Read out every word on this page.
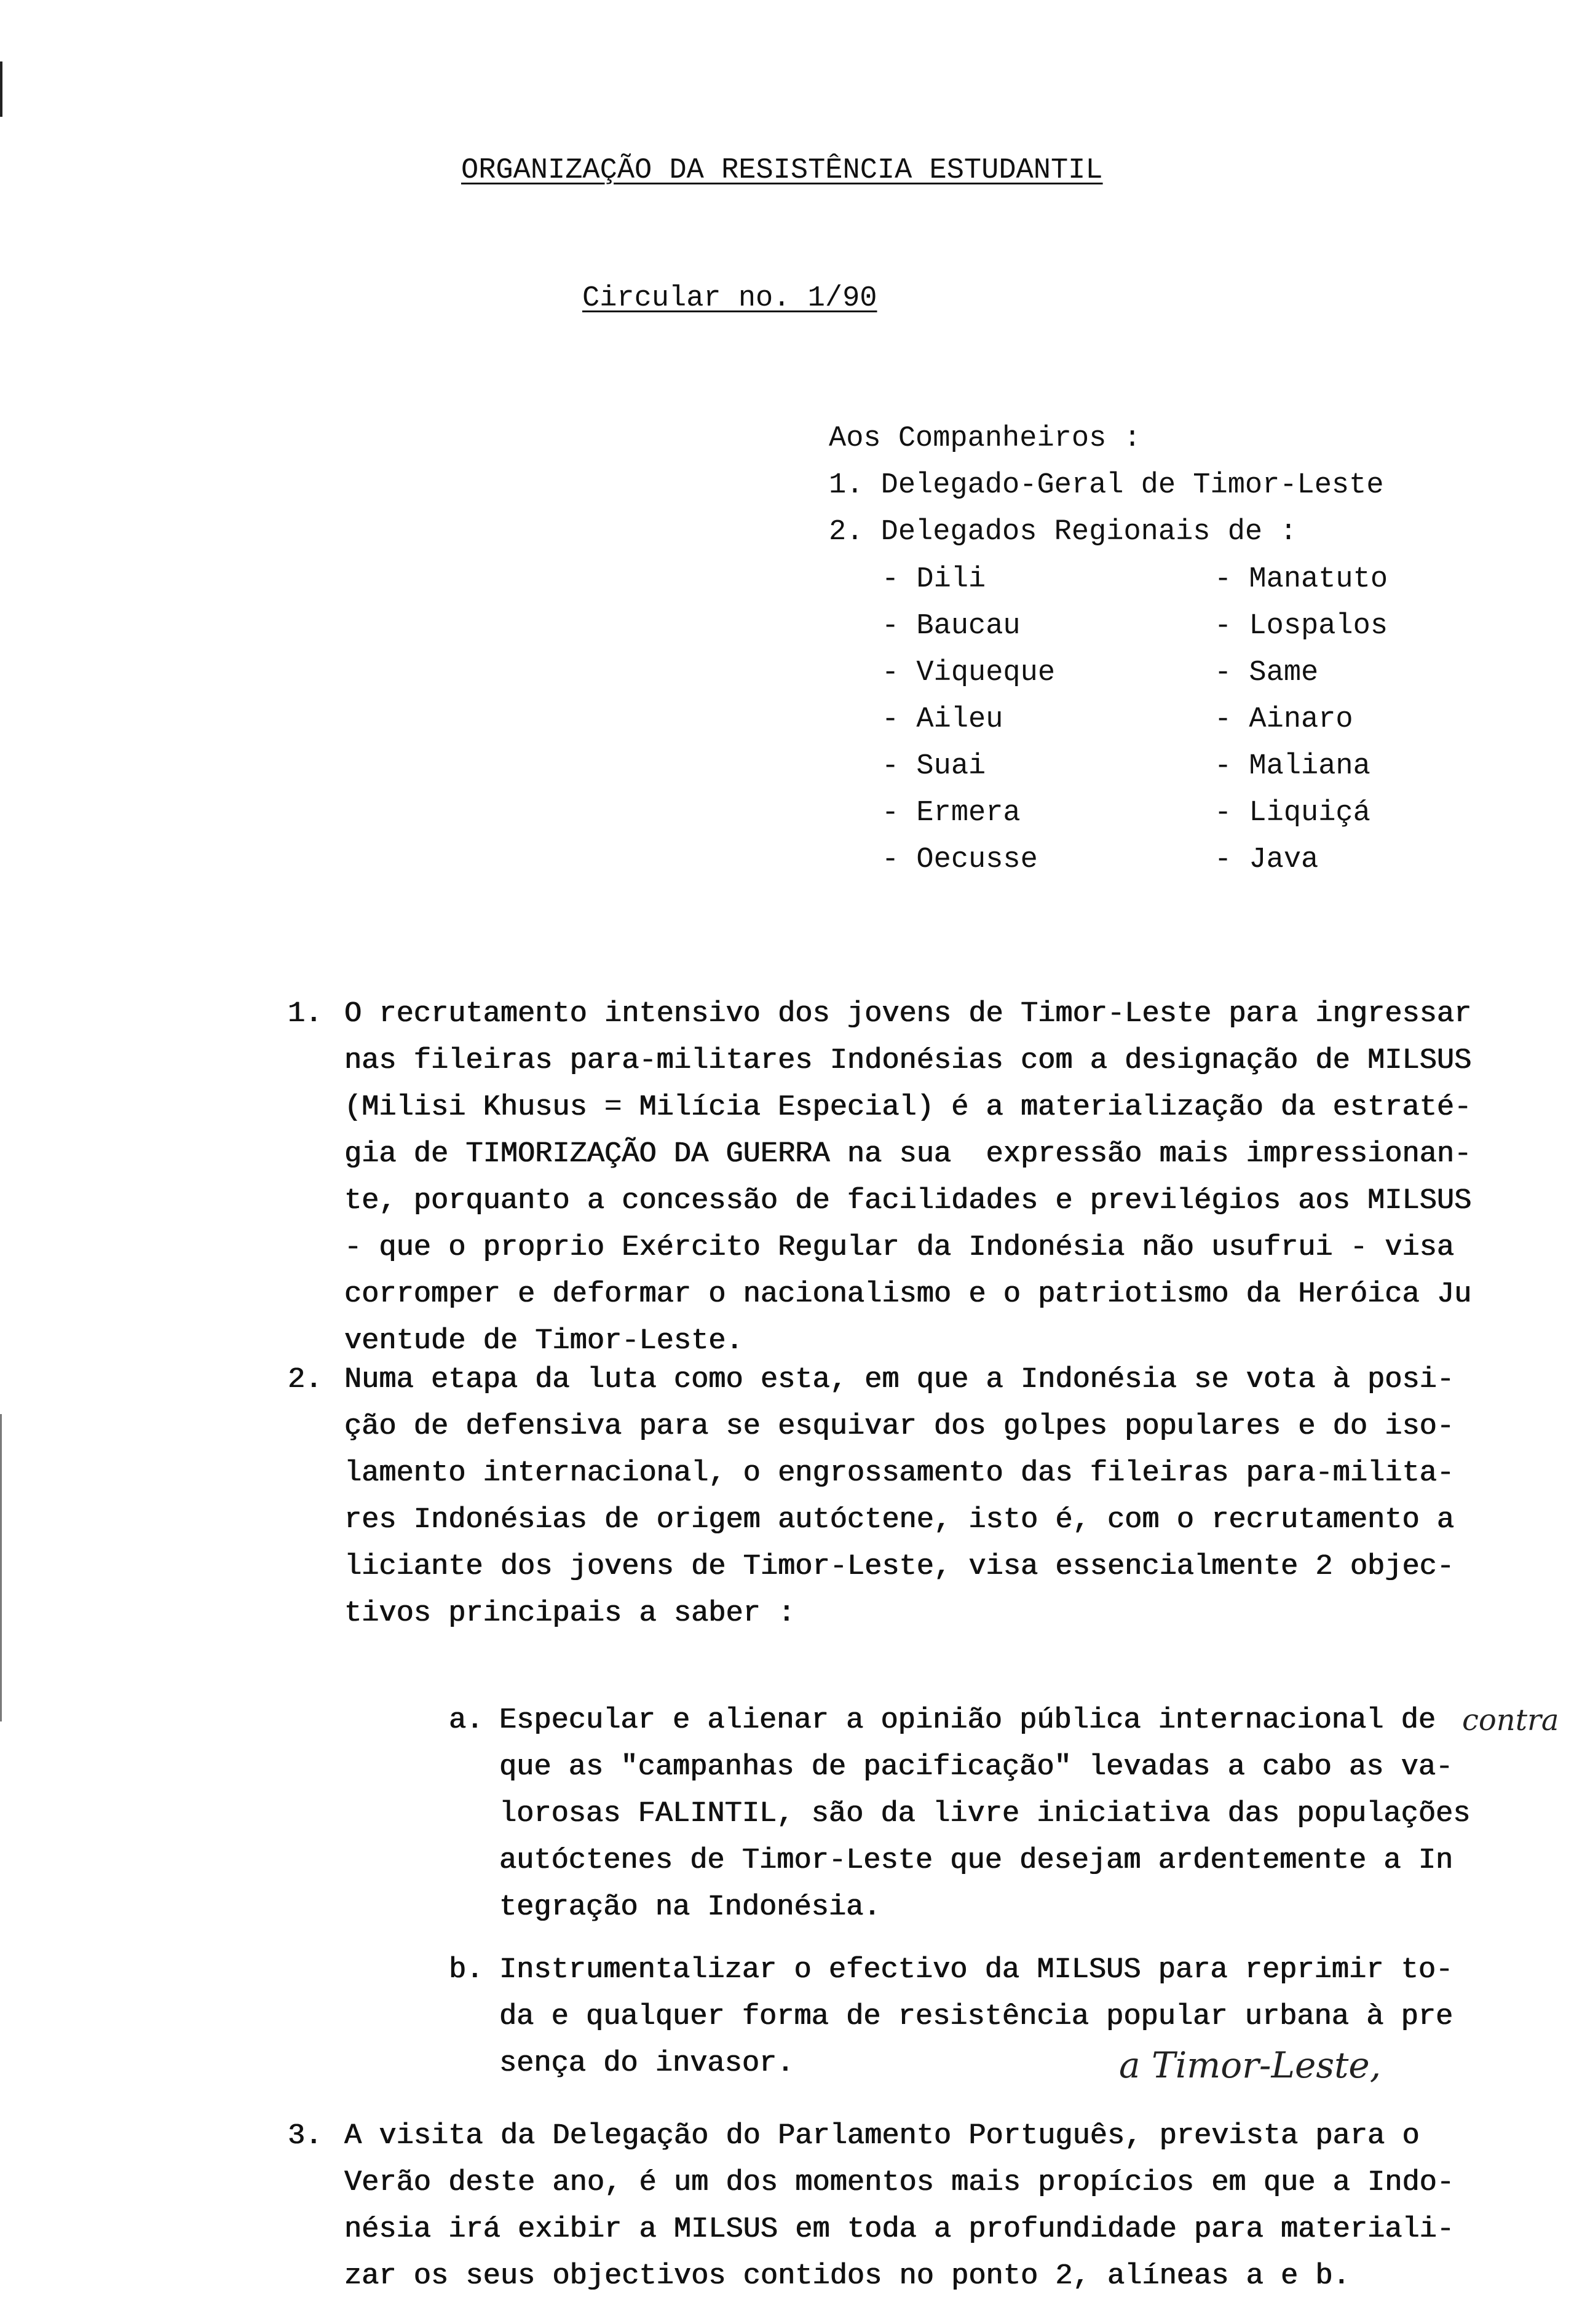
ORGANIZAÇÃO DA RESISTÊNCIA ESTUDANTIL
Circular no. 1/90
Aos Companheiros :
1. Delegado-Geral de Timor-Leste
2. Delegados Regionais de :
- Dili
- Baucau
- Viqueque
- Aileu
- Suai
- Ermera
- Oecusse
- Manatuto
- Lospalos
- Same
- Ainaro
- Maliana
- Liquiçá
- Java
1. O recrutamento intensivo dos jovens de Timor-Leste para ingressar
nas fileiras para-militares Indonésias com a designação de MILSUS
(Milisi Khusus = Milícia Especial) é a materialização da estraté-
gia de TIMORIZAÇÃO DA GUERRA na sua  expressão mais impressionan-
te, porquanto a concessão de facilidades e previlégios aos MILSUS
- que o proprio Exército Regular da Indonésia não usufrui - visa
corromper e deformar o nacionalismo e o patriotismo da Heróica Ju
ventude de Timor-Leste.
2. Numa etapa da luta como esta, em que a Indonésia se vota à posi-
ção de defensiva para se esquivar dos golpes populares e do iso-
lamento internacional, o engrossamento das fileiras para-milita-
res Indonésias de origem autóctene, isto é, com o recrutamento a
liciante dos jovens de Timor-Leste, visa essencialmente 2 objec-
tivos principais a saber :
a. Especular e alienar a opinião pública internacional de
que as "campanhas de pacificação" levadas a cabo as va-
lorosas FALINTIL, são da livre iniciativa das populações
autóctenes de Timor-Leste que desejam ardentemente a In
tegração na Indonésia.
b. Instrumentalizar o efectivo da MILSUS para reprimir to-
da e qualquer forma de resistência popular urbana à pre
sença do invasor.
3. A visita da Delegação do Parlamento Português, prevista para o
Verão deste ano, é um dos momentos mais propícios em que a Indo-
nésia irá exibir a MILSUS em toda a profundidade para materiali-
zar os seus objectivos contidos no ponto 2, alíneas a e b.
contra
a Timor-Leste,
